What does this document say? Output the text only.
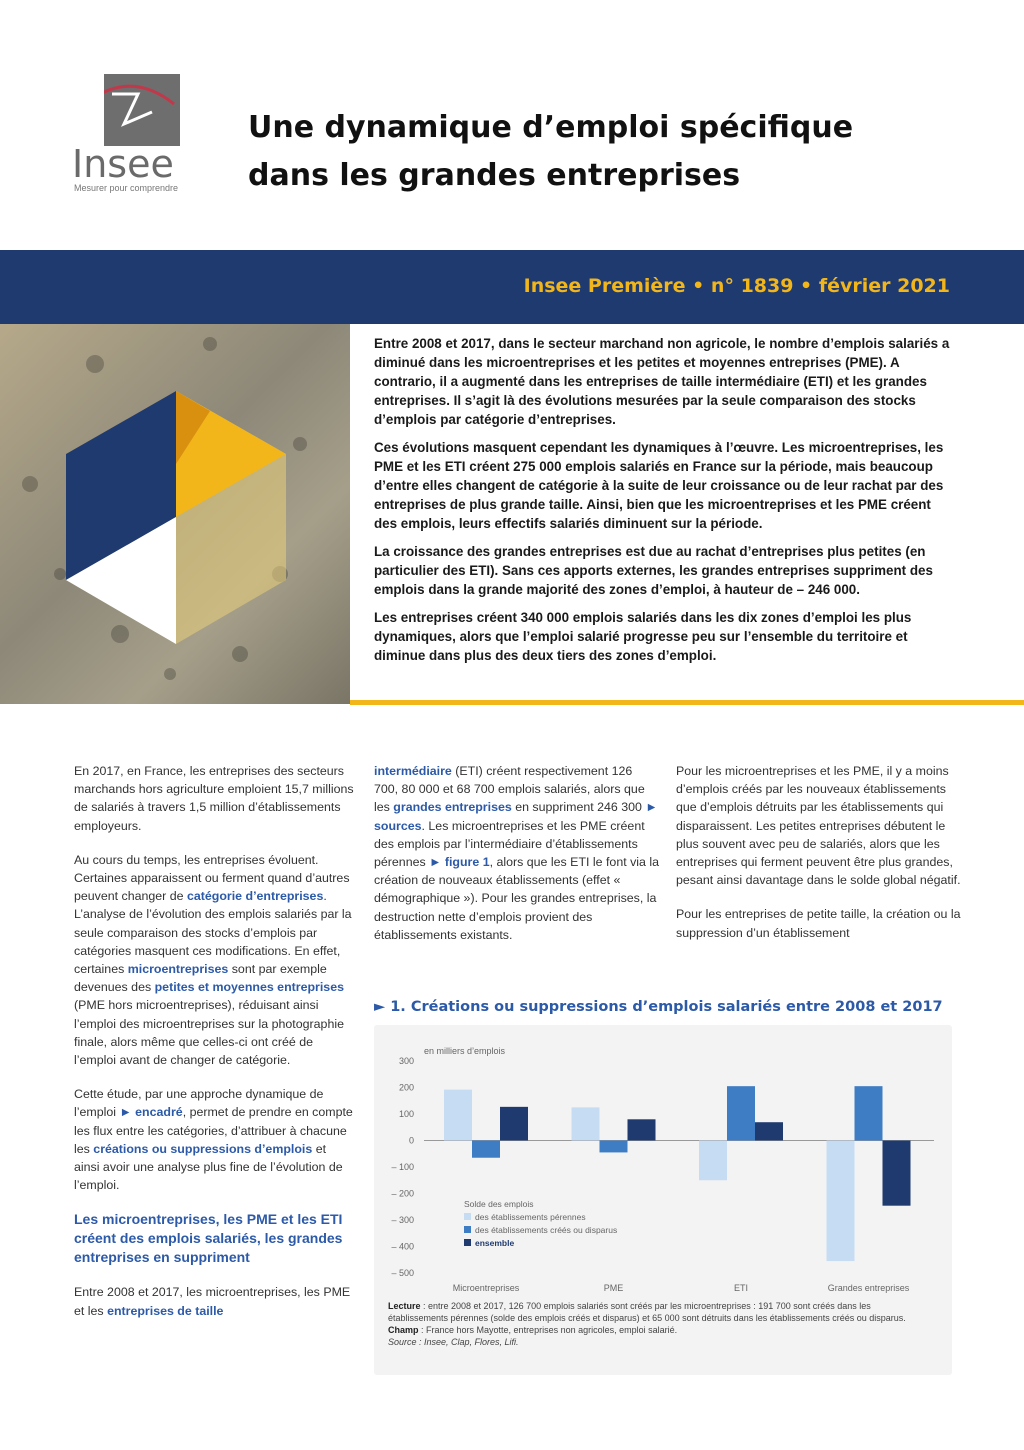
Insee
Mesurer pour comprendre
Une dynamique d’emploi spécifique
dans les grandes entreprises
Insee Première • n° 1839 • février 2021

Entre 2008 et 2017, dans le secteur marchand non agricole, le nombre d’emplois salariés a diminué dans les microentreprises et les petites et moyennes entreprises (PME). A contrario, il a augmenté dans les entreprises de taille intermédiaire (ETI) et les grandes entreprises. Il s’agit là des évolutions mesurées par la seule comparaison des stocks d’emplois par catégorie d’entreprises.

Ces évolutions masquent cependant les dynamiques à l’œuvre. Les microentreprises, les PME et les ETI créent 275 000 emplois salariés en France sur la période, mais beaucoup d’entre elles changent de catégorie à la suite de leur croissance ou de leur rachat par des entreprises de plus grande taille. Ainsi, bien que les microentreprises et les PME créent des emplois, leurs effectifs salariés diminuent sur la période.

La croissance des grandes entreprises est due au rachat d’entreprises plus petites (en particulier des ETI). Sans ces apports externes, les grandes entreprises suppriment des emplois dans la grande majorité des zones d’emploi, à hauteur de – 246 000.

Les entreprises créent 340 000 emplois salariés dans les dix zones d’emploi les plus dynamiques, alors que l’emploi salarié progresse peu sur l’ensemble du territoire et diminue dans plus des deux tiers des zones d’emploi.

En 2017, en France, les entreprises des secteurs marchands hors agriculture emploient 15,7 millions de salariés à travers 1,5 million d’établissements employeurs.

Au cours du temps, les entreprises évoluent. Certaines apparaissent ou ferment quand d’autres peuvent changer de catégorie d’entreprises. L’analyse de l’évolution des emplois salariés par la seule comparaison des stocks d’emplois par catégories masquent ces modifications. En effet, certaines microentreprises sont par exemple devenues des petites et moyennes entreprises (PME hors microentreprises), réduisant ainsi l’emploi des microentreprises sur la photographie finale, alors même que celles-ci ont créé de l’emploi avant de changer de catégorie.

Cette étude, par une approche dynamique de l’emploi ► encadré, permet de prendre en compte les flux entre les catégories, d’attribuer à chacune les créations ou suppressions d’emplois et ainsi avoir une analyse plus fine de l’évolution de l’emploi.

Les microentreprises, les PME et les ETI créent des emplois salariés, les grandes entreprises en suppriment

Entre 2008 et 2017, les microentreprises, les PME et les entreprises de taille

intermédiaire (ETI) créent respectivement 126 700, 80 000 et 68 700 emplois salariés, alors que les grandes entreprises en suppriment 246 300 ► sources. Les microentreprises et les PME créent des emplois par l’intermédiaire d’établissements pérennes ► figure 1, alors que les ETI le font via la création de nouveaux établissements (effet « démographique »). Pour les grandes entreprises, la destruction nette d’emplois provient des établissements existants.

Pour les microentreprises et les PME, il y a moins d’emplois créés par les nouveaux établissements que d’emplois détruits par les établissements qui disparaissent. Les petites entreprises débutent le plus souvent avec peu de salariés, alors que les entreprises qui ferment peuvent être plus grandes, pesant ainsi davantage dans le solde global négatif.

Pour les entreprises de petite taille, la création ou la suppression d’un établissement

► 1. Créations ou suppressions d’emplois salariés entre 2008 et 2017
en milliers d’emplois
300
200
100
0
– 100
– 200
– 300
– 400
– 500
Microentreprises	PME	ETI	Grandes entreprises
Solde des emplois
des établissements pérennes
des établissements créés ou disparus
ensemble
Lecture : entre 2008 et 2017, 126 700 emplois salariés sont créés par les microentreprises : 191 700 sont créés dans les établissements pérennes (solde des emplois créés et disparus) et 65 000 sont détruits dans les établissements créés ou disparus.
Champ : France hors Mayotte, entreprises non agricoles, emploi salarié.
Source : Insee, Clap, Flores, Lifi.
